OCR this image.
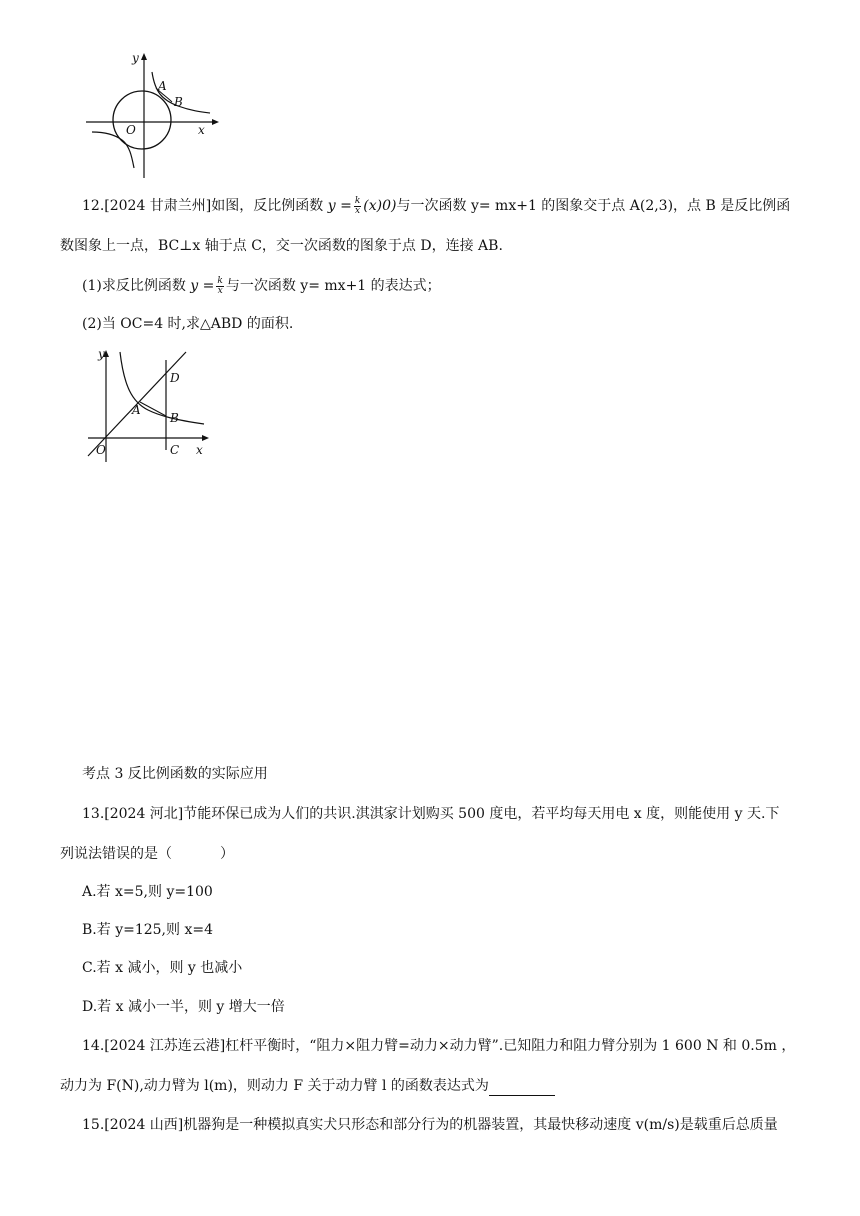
y
x
O
A
B
12.[2024 甘肃兰州]如图，反比例函数 $y = \frac{k}{x} (x)0$)与一次函数 y= mx+1 的图象交于点 A(2,3)，点 B 是反比例函
数图象上一点，BC⊥x 轴于点 C，交一次函数的图象于点 D，连接 AB.
(1)求反比例函数 $y = \frac{k}{x}$ 与一次函数 y= mx+1 的表达式；
(2)当 OC=4 时,求△ABD 的面积.
y
x
O
A
B
C
D
考点 3 反比例函数的实际应用
13.[2024 河北]节能环保已成为人们的共识.淇淇家计划购买 500 度电，若平均每天用电 x 度，则能使用 y 天.下
列说法错误的是（	）
A.若 x=5,则 y=100
B.若 y=125,则 x=4
C.若 x 减小，则 y 也减小
D.若 x 减小一半，则 y 增大一倍
14.[2024 江苏连云港]杠杆平衡时，“阻力×阻力臂=动力×动力臂”.已知阻力和阻力臂分别为 1 600 N 和 0.5m ，
动力为 F(N),动力臂为 l(m)，则动力 F 关于动力臂 l 的函数表达式为
15.[2024 山西]机器狗是一种模拟真实犬只形态和部分行为的机器装置，其最快移动速度 v(m/s)是载重后总质量
